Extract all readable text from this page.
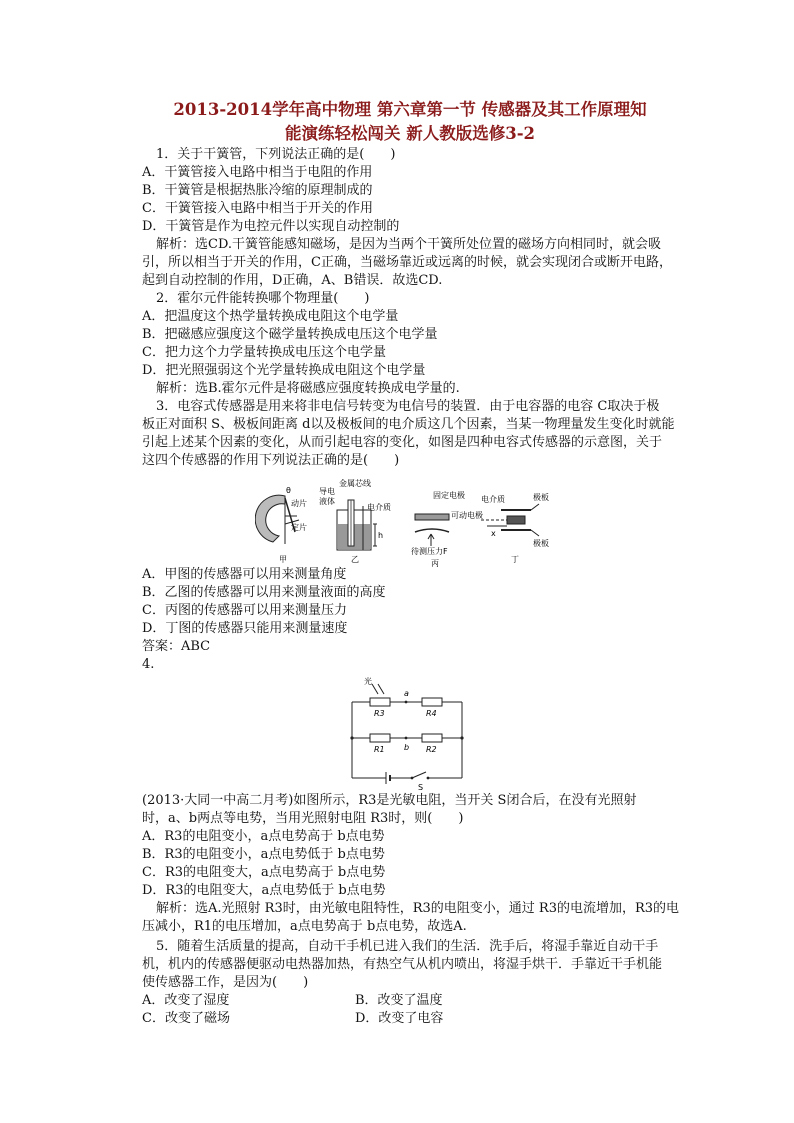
2013-2014学年高中物理 第六章第一节 传感器及其工作原理知
能演练轻松闯关 新人教版选修3-2
1．关于干簧管，下列说法正确的是(　　)
A．干簧管接入电路中相当于电阻的作用
B．干簧管是根据热胀冷缩的原理制成的
C．干簧管接入电路中相当于开关的作用
D．干簧管是作为电控元件以实现自动控制的
解析：选CD.干簧管能感知磁场，是因为当两个干簧所处位置的磁场方向相同时，就会吸
引，所以相当于开关的作用，C正确，当磁场靠近或远离的时候，就会实现闭合或断开电路，
起到自动控制的作用，D正确，A、B错误．故选CD.
2．霍尔元件能转换哪个物理量(　　)
A．把温度这个热学量转换成电阻这个电学量
B．把磁感应强度这个磁学量转换成电压这个电学量
C．把力这个力学量转换成电压这个电学量
D．把光照强弱这个光学量转换成电阻这个电学量
解析：选B.霍尔元件是将磁感应强度转换成电学量的.
3．电容式传感器是用来将非电信号转变为电信号的装置．由于电容器的电容 C取决于极
板正对面积 S、极板间距离 d以及极板间的电介质这几个因素，当某一物理量发生变化时就能
引起上述某个因素的变化，从而引起电容的变化，如图是四种电容式传感器的示意图，关于
这四个传感器的作用下列说法正确的是(　　)
θ
动片
定片
甲
导电
液体
金属芯线
电介质
h
乙
固定电极
可动电极
待测压力F
丙
电介质	极板
极板
x
丁
A．甲图的传感器可以用来测量角度
B．乙图的传感器可以用来测量液面的高度
C．丙图的传感器可以用来测量压力
D．丁图的传感器只能用来测量速度
答案：ABC
4.
光
a
R3	R4
R1 b R2
S
(2013·大同一中高二月考)如图所示，R3是光敏电阻，当开关 S闭合后，在没有光照射
时，a、b两点等电势，当用光照射电阻 R3时，则(　　)
A．R3的电阻变小，a点电势高于 b点电势
B．R3的电阻变小，a点电势低于 b点电势
C．R3的电阻变大，a点电势高于 b点电势
D．R3的电阻变大，a点电势低于 b点电势
解析：选A.光照射 R3时，由光敏电阻特性，R3的电阻变小，通过 R3的电流增加，R3的电
压减小，R1的电压增加，a点电势高于 b点电势，故选A.
5．随着生活质量的提高，自动干手机已进入我们的生活．洗手后，将湿手靠近自动干手
机，机内的传感器便驱动电热器加热，有热空气从机内喷出，将湿手烘干．手靠近干手机能
使传感器工作，是因为(　　)
A．改变了湿度	B．改变了温度
C．改变了磁场	D．改变了电容
